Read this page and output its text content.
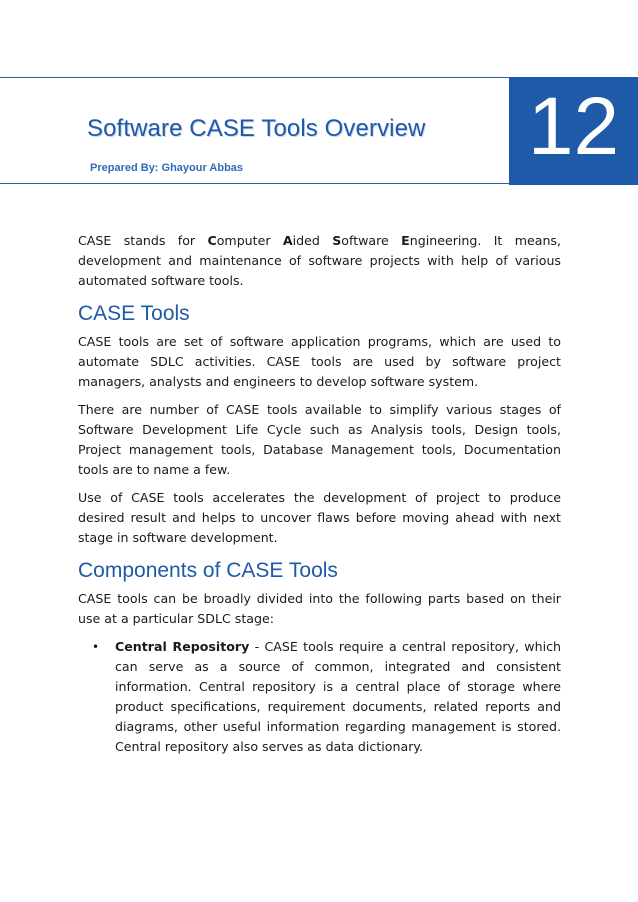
Software CASE Tools Overview
Prepared By: Ghayour Abbas	12

CASE stands for Computer Aided Software Engineering. It means, development and maintenance of software projects with help of various automated software tools.

CASE Tools

CASE tools are set of software application programs, which are used to automate SDLC activities. CASE tools are used by software project managers, analysts and engineers to develop software system.

There are number of CASE tools available to simplify various stages of Software Development Life Cycle such as Analysis tools, Design tools, Project management tools, Database Management tools, Documentation tools are to name a few.

Use of CASE tools accelerates the development of project to produce desired result and helps to uncover flaws before moving ahead with next stage in software development.

Components of CASE Tools

CASE tools can be broadly divided into the following parts based on their use at a particular SDLC stage:

• Central Repository - CASE tools require a central repository, which can serve as a source of common, integrated and consistent information. Central repository is a central place of storage where product specifications, requirement documents, related reports and diagrams, other useful information regarding management is stored. Central repository also serves as data dictionary.
